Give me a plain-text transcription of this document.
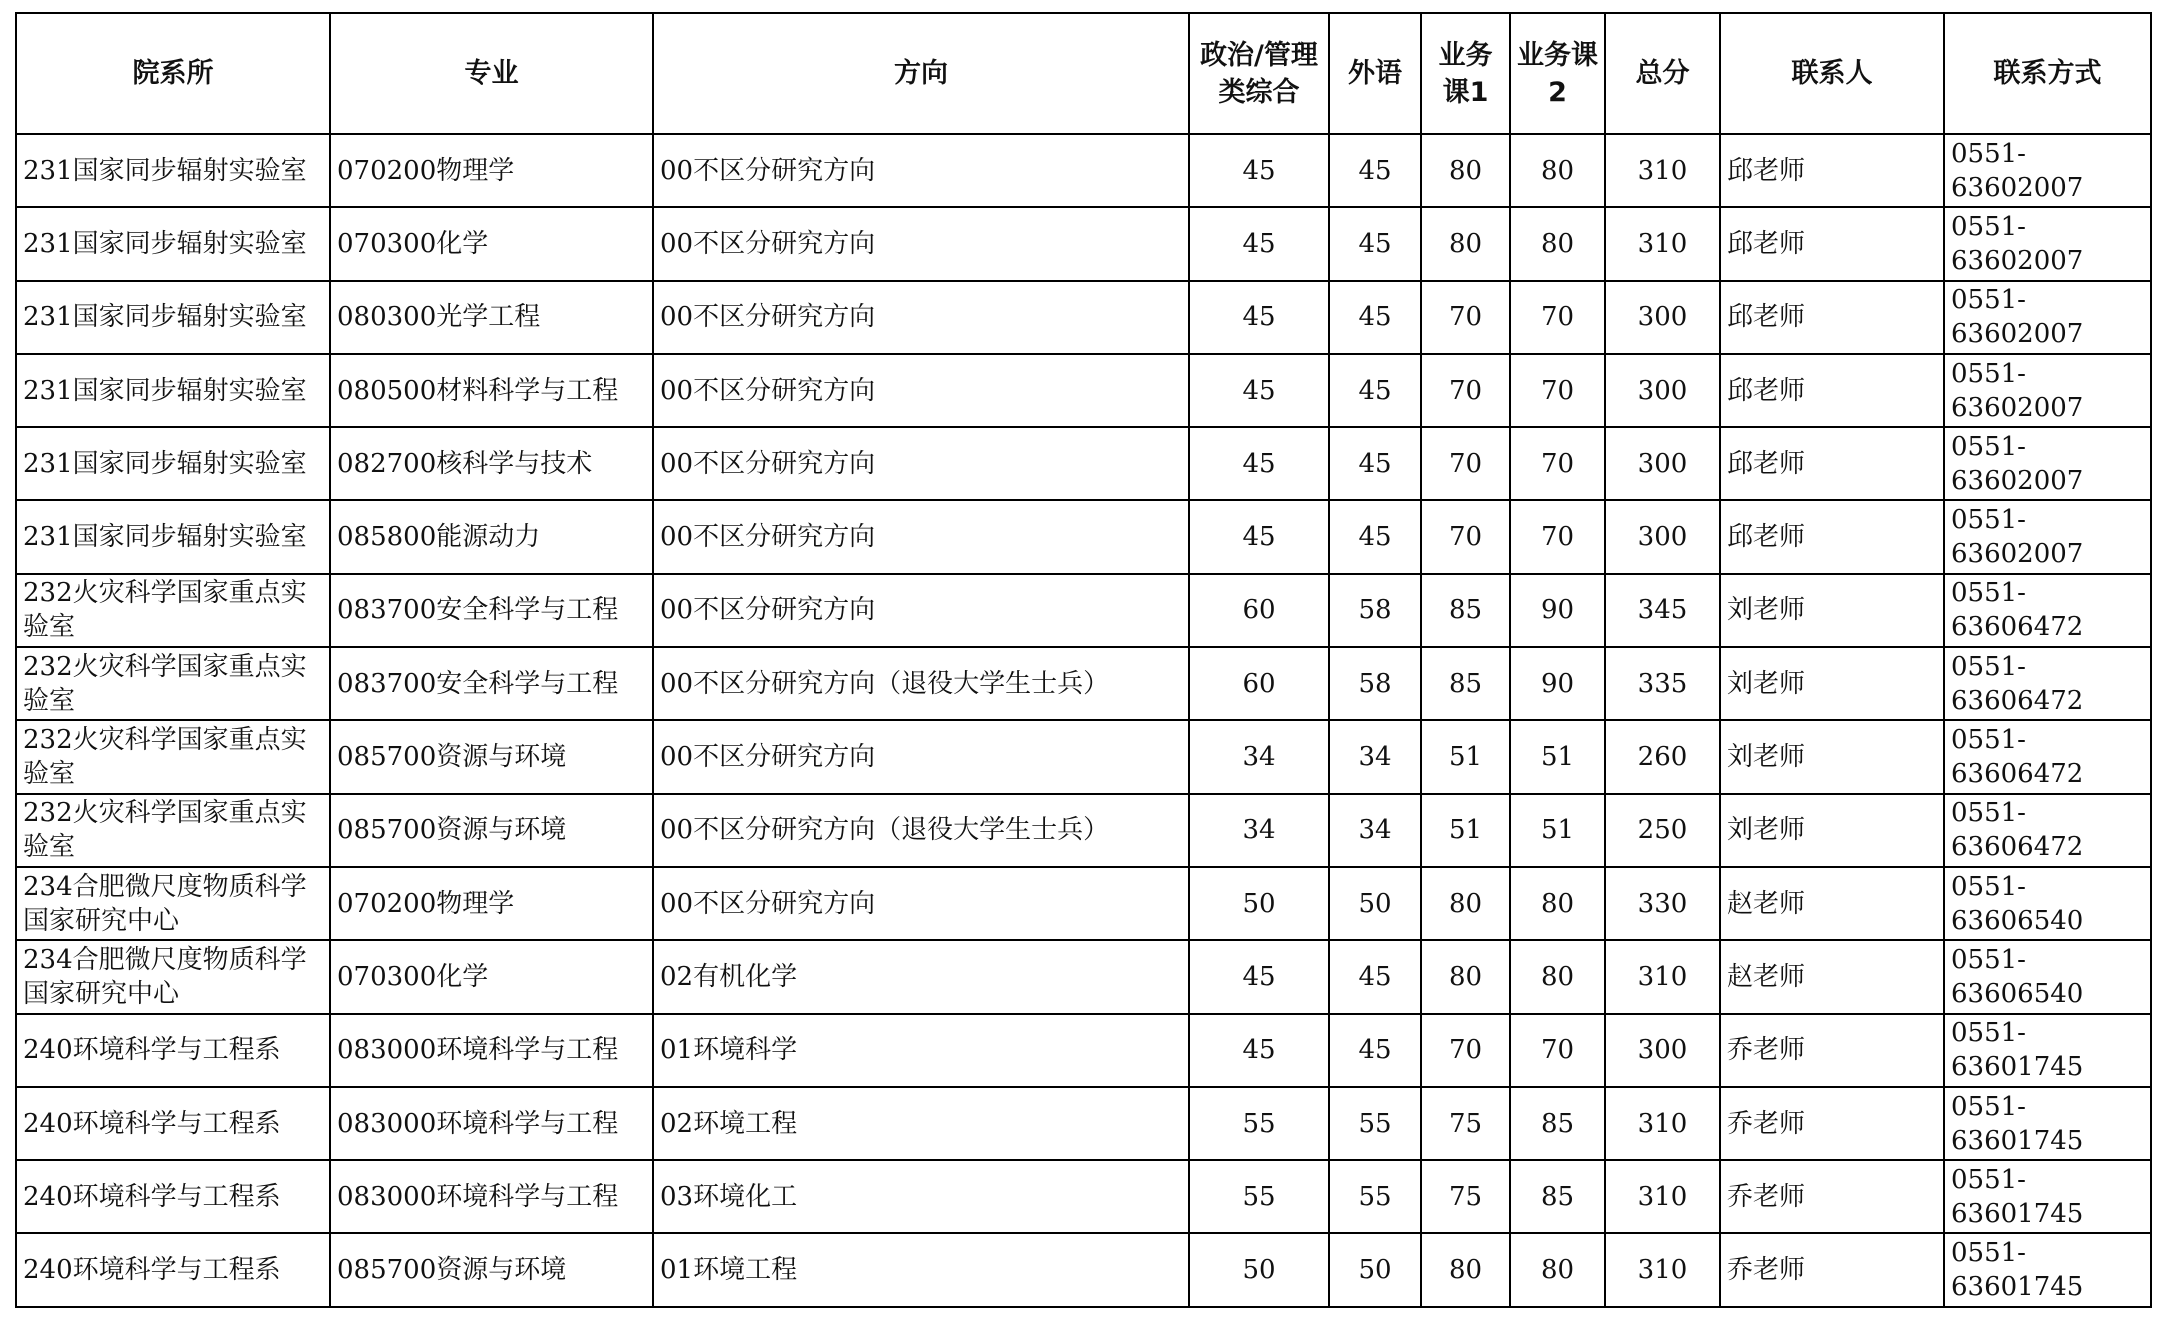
院系所	专业	方向	政治/管理类综合	外语	业务课1	业务课2	总分	联系人	联系方式
231国家同步辐射实验室	070200物理学	00不区分研究方向	45	45	80	80	310	邱老师	0551-63602007
231国家同步辐射实验室	070300化学	00不区分研究方向	45	45	80	80	310	邱老师	0551-63602007
231国家同步辐射实验室	080300光学工程	00不区分研究方向	45	45	70	70	300	邱老师	0551-63602007
231国家同步辐射实验室	080500材料科学与工程	00不区分研究方向	45	45	70	70	300	邱老师	0551-63602007
231国家同步辐射实验室	082700核科学与技术	00不区分研究方向	45	45	70	70	300	邱老师	0551-63602007
231国家同步辐射实验室	085800能源动力	00不区分研究方向	45	45	70	70	300	邱老师	0551-63602007
232火灾科学国家重点实验室	083700安全科学与工程	00不区分研究方向	60	58	85	90	345	刘老师	0551-63606472
232火灾科学国家重点实验室	083700安全科学与工程	00不区分研究方向（退役大学生士兵）	60	58	85	90	335	刘老师	0551-63606472
232火灾科学国家重点实验室	085700资源与环境	00不区分研究方向	34	34	51	51	260	刘老师	0551-63606472
232火灾科学国家重点实验室	085700资源与环境	00不区分研究方向（退役大学生士兵）	34	34	51	51	250	刘老师	0551-63606472
234合肥微尺度物质科学国家研究中心	070200物理学	00不区分研究方向	50	50	80	80	330	赵老师	0551-63606540
234合肥微尺度物质科学国家研究中心	070300化学	02有机化学	45	45	80	80	310	赵老师	0551-63606540
240环境科学与工程系	083000环境科学与工程	01环境科学	45	45	70	70	300	乔老师	0551-63601745
240环境科学与工程系	083000环境科学与工程	02环境工程	55	55	75	85	310	乔老师	0551-63601745
240环境科学与工程系	083000环境科学与工程	03环境化工	55	55	75	85	310	乔老师	0551-63601745
240环境科学与工程系	085700资源与环境	01环境工程	50	50	80	80	310	乔老师	0551-63601745
